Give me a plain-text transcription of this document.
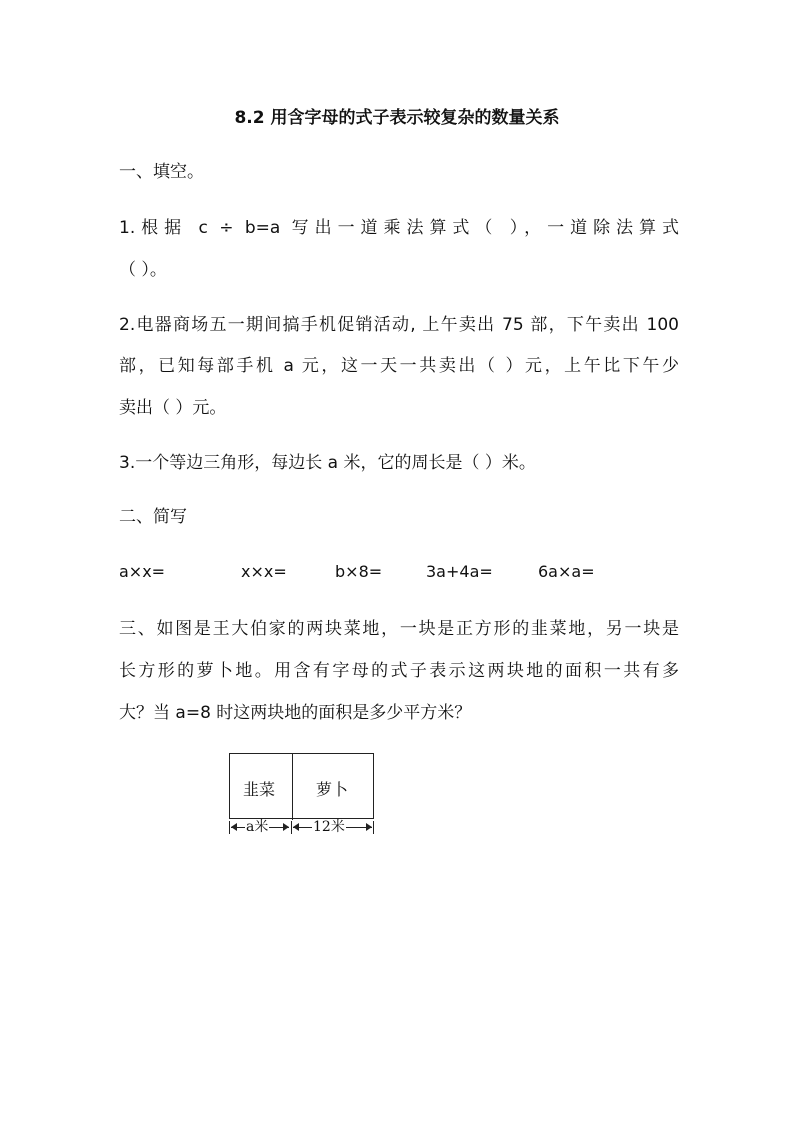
8.2 用含字母的式子表示较复杂的数量关系
一、填空。
1.根据 c ÷ b=a 写出一道乘法算式（ ），一道除法算式
（ ）。
2.电器商场五一期间搞手机促销活动, 上午卖出 75 部，下午卖出 100
部，已知每部手机 a 元，这一天一共卖出（ ）元，上午比下午少
卖出（ ）元。
3.一个等边三角形，每边长 a 米，它的周长是（ ）米。
二、简写
a×x=	x×x=	b×8=	3a+4a=	6a×a=
三、如图是王大伯家的两块菜地，一块是正方形的韭菜地，另一块是
长方形的萝卜地。用含有字母的式子表示这两块地的面积一共有多
大？当 a=8 时这两块地的面积是多少平方米？
韭菜	萝卜
a米	12米
